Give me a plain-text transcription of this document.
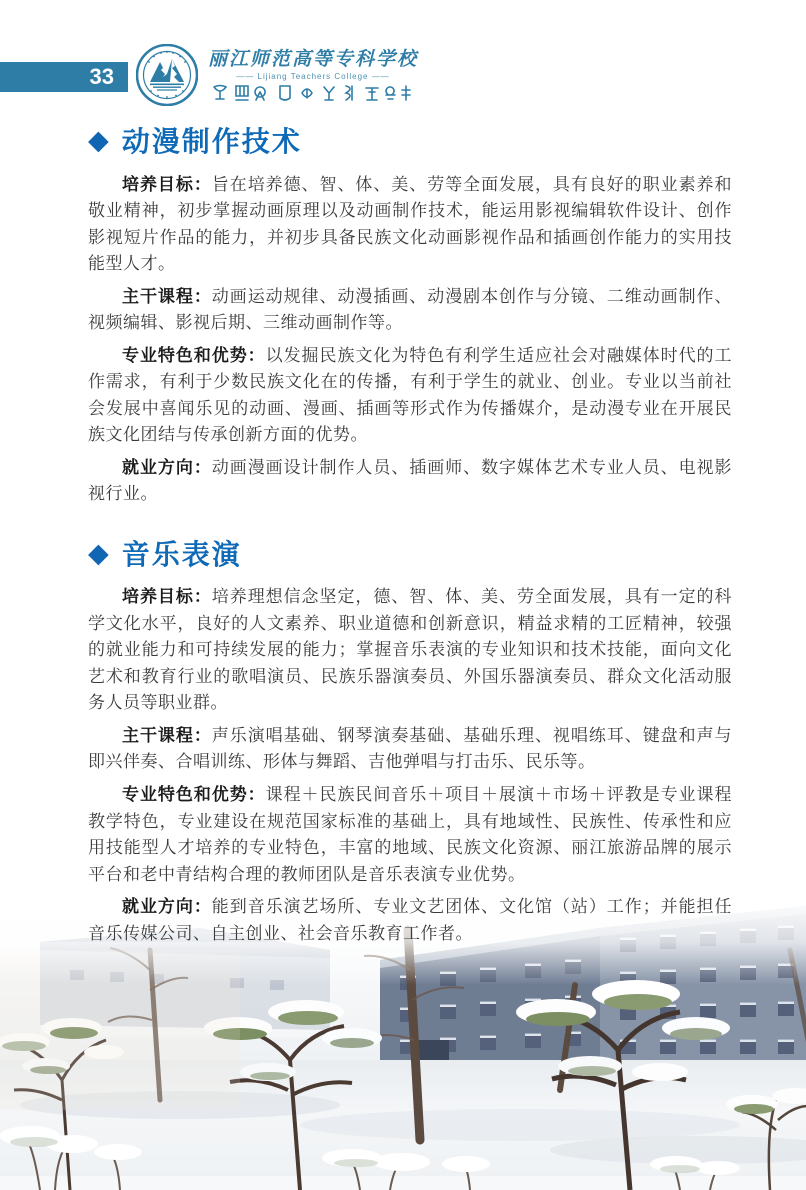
33
丽江师范高等专科学校
—— Lijiang Teachers College ——
◆ 动漫制作技术

培养目标：旨在培养德、智、体、美、劳等全面发展，具有良好的职业素养和敬业精神，初步掌握动画原理以及动画制作技术，能运用影视编辑软件设计、创作影视短片作品的能力，并初步具备民族文化动画影视作品和插画创作能力的实用技能型人才。

主干课程：动画运动规律、动漫插画、动漫剧本创作与分镜、二维动画制作、视频编辑、影视后期、三维动画制作等。

专业特色和优势：以发掘民族文化为特色有利学生适应社会对融媒体时代的工作需求，有利于少数民族文化在的传播，有利于学生的就业、创业。专业以当前社会发展中喜闻乐见的动画、漫画、插画等形式作为传播媒介，是动漫专业在开展民族文化团结与传承创新方面的优势。

就业方向：动画漫画设计制作人员、插画师、数字媒体艺术专业人员、电视影视行业。

◆ 音乐表演

培养目标：培养理想信念坚定，德、智、体、美、劳全面发展，具有一定的科学文化水平，良好的人文素养、职业道德和创新意识，精益求精的工匠精神，较强的就业能力和可持续发展的能力；掌握音乐表演的专业知识和技术技能，面向文化艺术和教育行业的歌唱演员、民族乐器演奏员、外国乐器演奏员、群众文化活动服务人员等职业群。

主干课程：声乐演唱基础、钢琴演奏基础、基础乐理、视唱练耳、键盘和声与即兴伴奏、合唱训练、形体与舞蹈、吉他弹唱与打击乐、民乐等。

专业特色和优势：课程＋民族民间音乐＋项目＋展演＋市场＋评教是专业课程教学特色，专业建设在规范国家标准的基础上，具有地域性、民族性、传承性和应用技能型人才培养的专业特色，丰富的地域、民族文化资源、丽江旅游品牌的展示平台和老中青结构合理的教师团队是音乐表演专业优势。

就业方向：能到音乐演艺场所、专业文艺团体、文化馆（站）工作；并能担任音乐传媒公司、自主创业、社会音乐教育工作者。
